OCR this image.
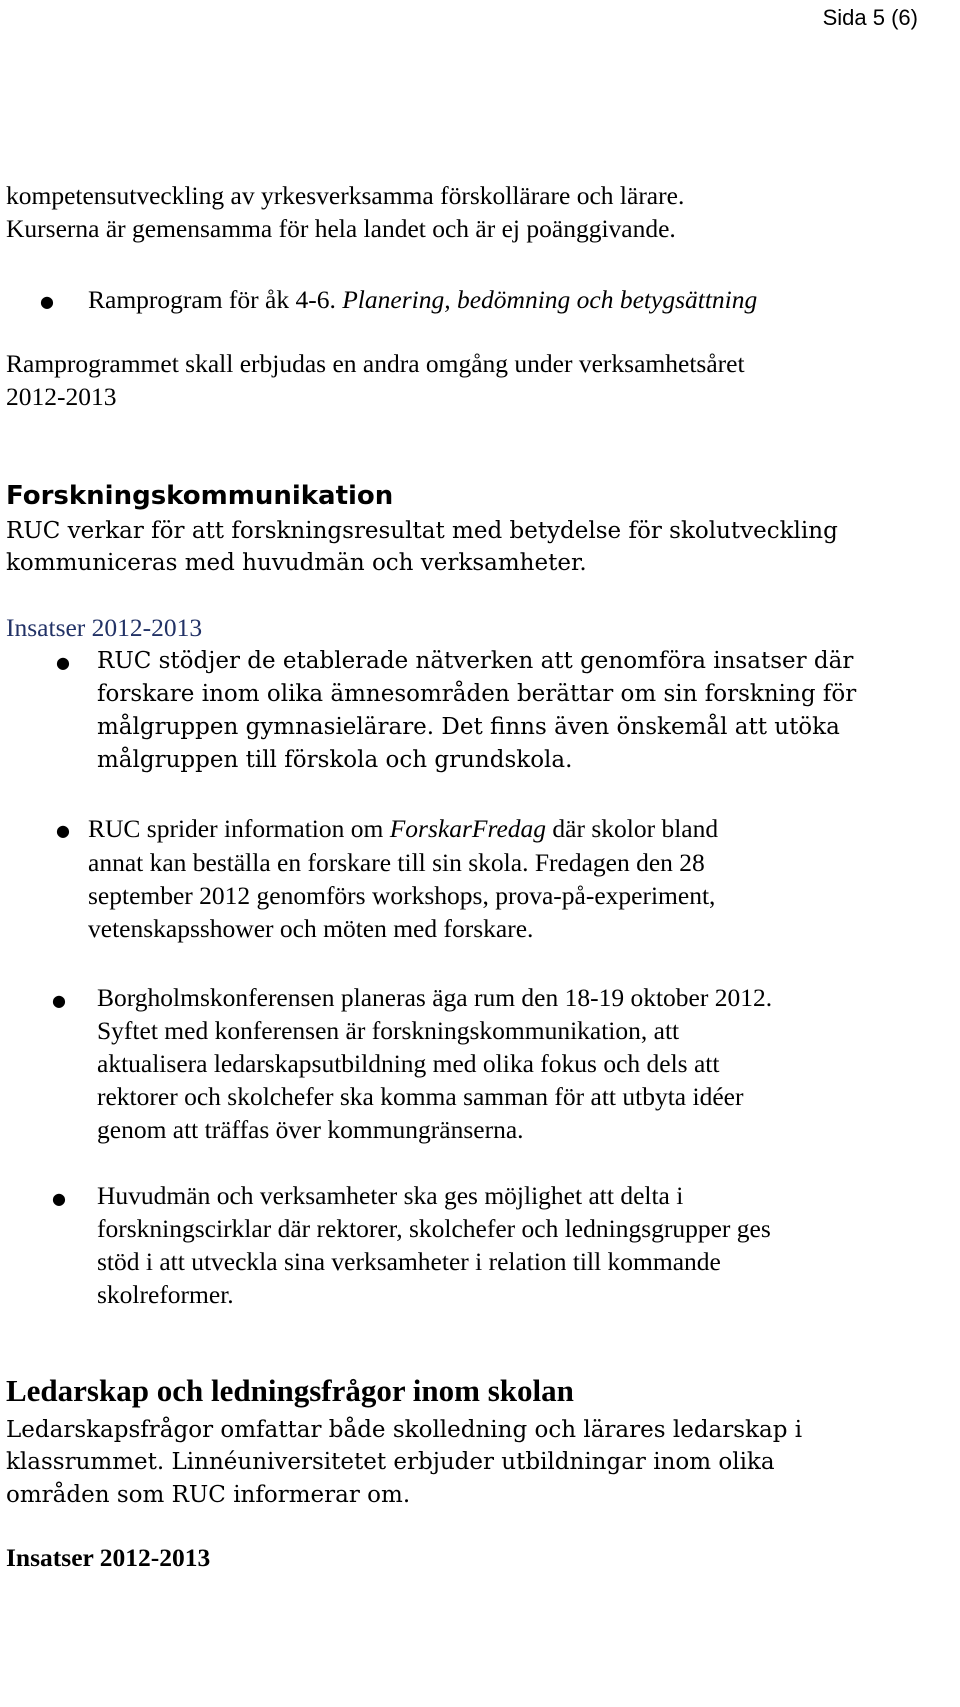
Sida 5 (6)
kompetensutveckling av yrkesverksamma förskollärare och lärare.
Kurserna är gemensamma för hela landet och är ej poänggivande.
● Ramprogram för åk 4-6. Planering, bedömning och betygsättning
Ramprogrammet skall erbjudas en andra omgång under verksamhetsåret
2012-2013
Forskningskommunikation
RUC verkar för att forskningsresultat med betydelse för skolutveckling
kommuniceras med huvudmän och verksamheter.
Insatser 2012-2013
● RUC stödjer de etablerade nätverken att genomföra insatser där
forskare inom olika ämnesområden berättar om sin forskning för
målgruppen gymnasielärare. Det finns även önskemål att utöka
målgruppen till förskola och grundskola.
● RUC sprider information om ForskarFredag där skolor bland
annat kan beställa en forskare till sin skola. Fredagen den 28
september 2012 genomförs workshops, prova-på-experiment,
vetenskapsshower och möten med forskare.
● Borgholmskonferensen planeras äga rum den 18-19 oktober 2012.
Syftet med konferensen är forskningskommunikation, att
aktualisera ledarskapsutbildning med olika fokus och dels att
rektorer och skolchefer ska komma samman för att utbyta idéer
genom att träffas över kommungränserna.
● Huvudmän och verksamheter ska ges möjlighet att delta i
forskningscirklar där rektorer, skolchefer och ledningsgrupper ges
stöd i att utveckla sina verksamheter i relation till kommande
skolreformer.
Ledarskap och ledningsfrågor inom skolan
Ledarskapsfrågor omfattar både skolledning och lärares ledarskap i
klassrummet. Linnéuniversitetet erbjuder utbildningar inom olika
områden som RUC informerar om.
Insatser 2012-2013
